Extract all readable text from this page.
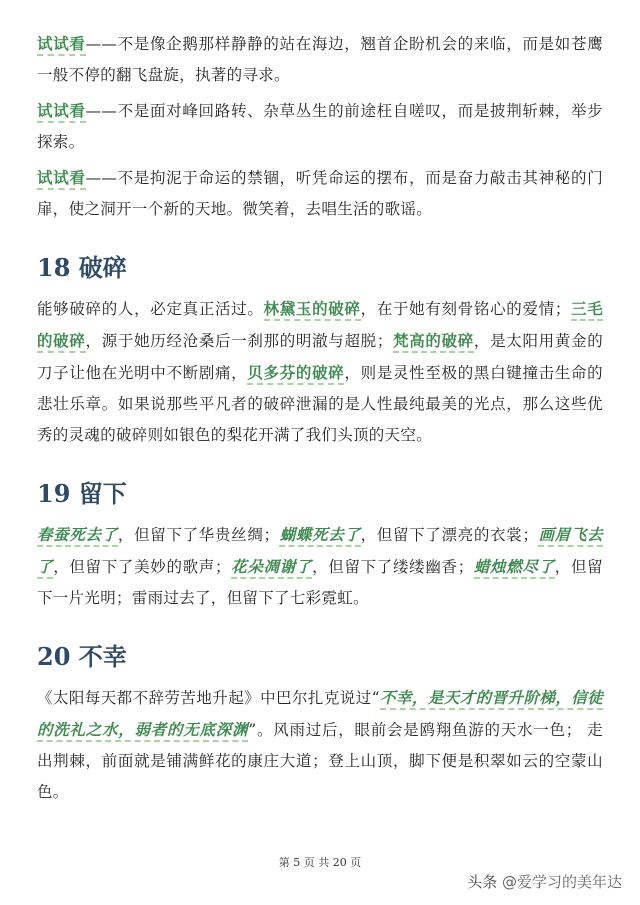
试试看——不是像企鹅那样静静的站在海边，翘首企盼机会的来临，而是如苍鹰一般不停的翻飞盘旋，执著的寻求。

试试看——不是面对峰回路转、杂草丛生的前途枉自嗟叹，而是披荆斩棘，举步探索。

试试看——不是拘泥于命运的禁锢，听凭命运的摆布，而是奋力敲击其神秘的门扉，使之洞开一个新的天地。微笑着，去唱生活的歌谣。

18 破碎

能够破碎的人，必定真正活过。林黛玉的破碎，在于她有刻骨铭心的爱情；三毛的破碎，源于她历经沧桑后一刹那的明澈与超脱；梵高的破碎，是太阳用黄金的刀子让他在光明中不断剧痛，贝多芬的破碎，则是灵性至极的黑白键撞击生命的悲壮乐章。如果说那些平凡者的破碎泄漏的是人性最纯最美的光点，那么这些优秀的灵魂的破碎则如银色的梨花开满了我们头顶的天空。

19 留下

春蚕死去了，但留下了华贵丝绸；蝴蝶死去了，但留下了漂亮的衣裳；画眉飞去了，但留下了美妙的歌声；花朵凋谢了，但留下了缕缕幽香；蜡烛燃尽了，但留下一片光明；雷雨过去了，但留下了七彩霓虹。

20 不幸

《太阳每天都不辞劳苦地升起》中巴尔扎克说过“不幸，是天才的晋升阶梯，信徒的洗礼之水，弱者的无底深渊”。风雨过后，眼前会是鸥翔鱼游的天水一色； 走出荆棘，前面就是铺满鲜花的康庄大道；登上山顶，脚下便是积翠如云的空蒙山色。

第 5 页 共 20 页
头条 @爱学习的美年达
